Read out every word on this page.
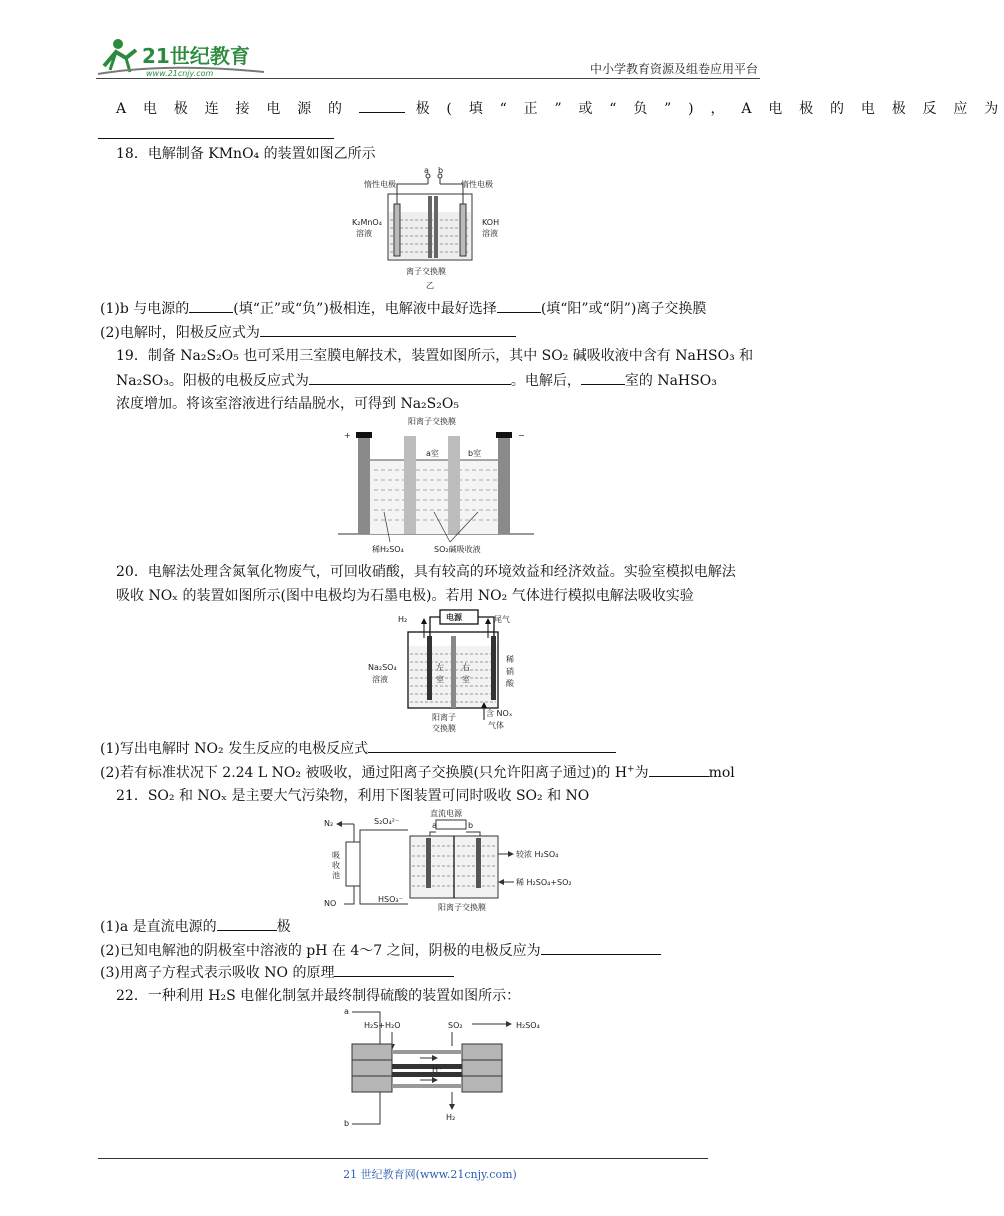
21世纪教育
www.21cnjy.com	中小学教育资源及组卷应用平台
A 电 极 连 接 电 源 的	极 ( 填 “ 正 ” 或 “ 负 ” ) ， A 电 极 的 电 极 反 应 为
18．电解制备 KMnO₄ 的装置如图乙所示
a b
惰性电极	惰性电极
K₂MnO₄
溶液
KOH
溶液
离子交换膜
乙
(1)b 与电源的	(填“正”或“负”)极相连，电解液中最好选择	(填“阳”或“阴”)离子交换膜
(2)电解时，阳极反应式为
19．制备 Na₂S₂O₅ 也可采用三室膜电解技术，装置如图所示，其中 SO₂ 碱吸收液中含有 NaHSO₃ 和
Na₂SO₃。阳极的电极反应式为	。电解后，	室的 NaHSO₃
浓度增加。将该室溶液进行结晶脱水，可得到 Na₂S₂O₅
+	−
阳离子交换膜
a室	b室
稀H₂SO₄	SO₂碱吸收液
20．电解法处理含氮氧化物废气，可回收硝酸，具有较高的环境效益和经济效益。实验室模拟电解法
吸收 NOₓ 的装置如图所示(图中电极均为石墨电极)。若用 NO₂ 气体进行模拟电解法吸收实验
电源
H₂	尾气
左
室
右
室
Na₂SO₄
溶液
稀
硝
酸
阳离子
交换膜
含 NOₓ
气体
(1)写出电解时 NO₂ 发生反应的电极反应式
(2)若有标准状况下 2.24 L NO₂ 被吸收，通过阳离子交换膜(只允许阳离子通过)的 H+为	mol
21．SO₂ 和 NOₓ 是主要大气污染物，利用下图装置可同时吸收 SO₂ 和 NO
N₂
NO
吸
收
池
S₂O₄²⁻
HSO₃⁻
直流电源
a	b
较浓 H₂SO₄
稀 H₂SO₄+SO₂
阳离子交换膜
(1)a 是直流电源的	极
(2)已知电解池的阴极室中溶液的 pH 在 4～7 之间，阴极的电极反应为
(3)用离子方程式表示吸收 NO 的原理
22．一种利用 H₂S 电催化制氢并最终制得硫酸的装置如图所示：
a
b
H₂S+H₂O	SO₂	H₂SO₄
H⁺
H₂
21 世纪教育网(www.21cnjy.com)
